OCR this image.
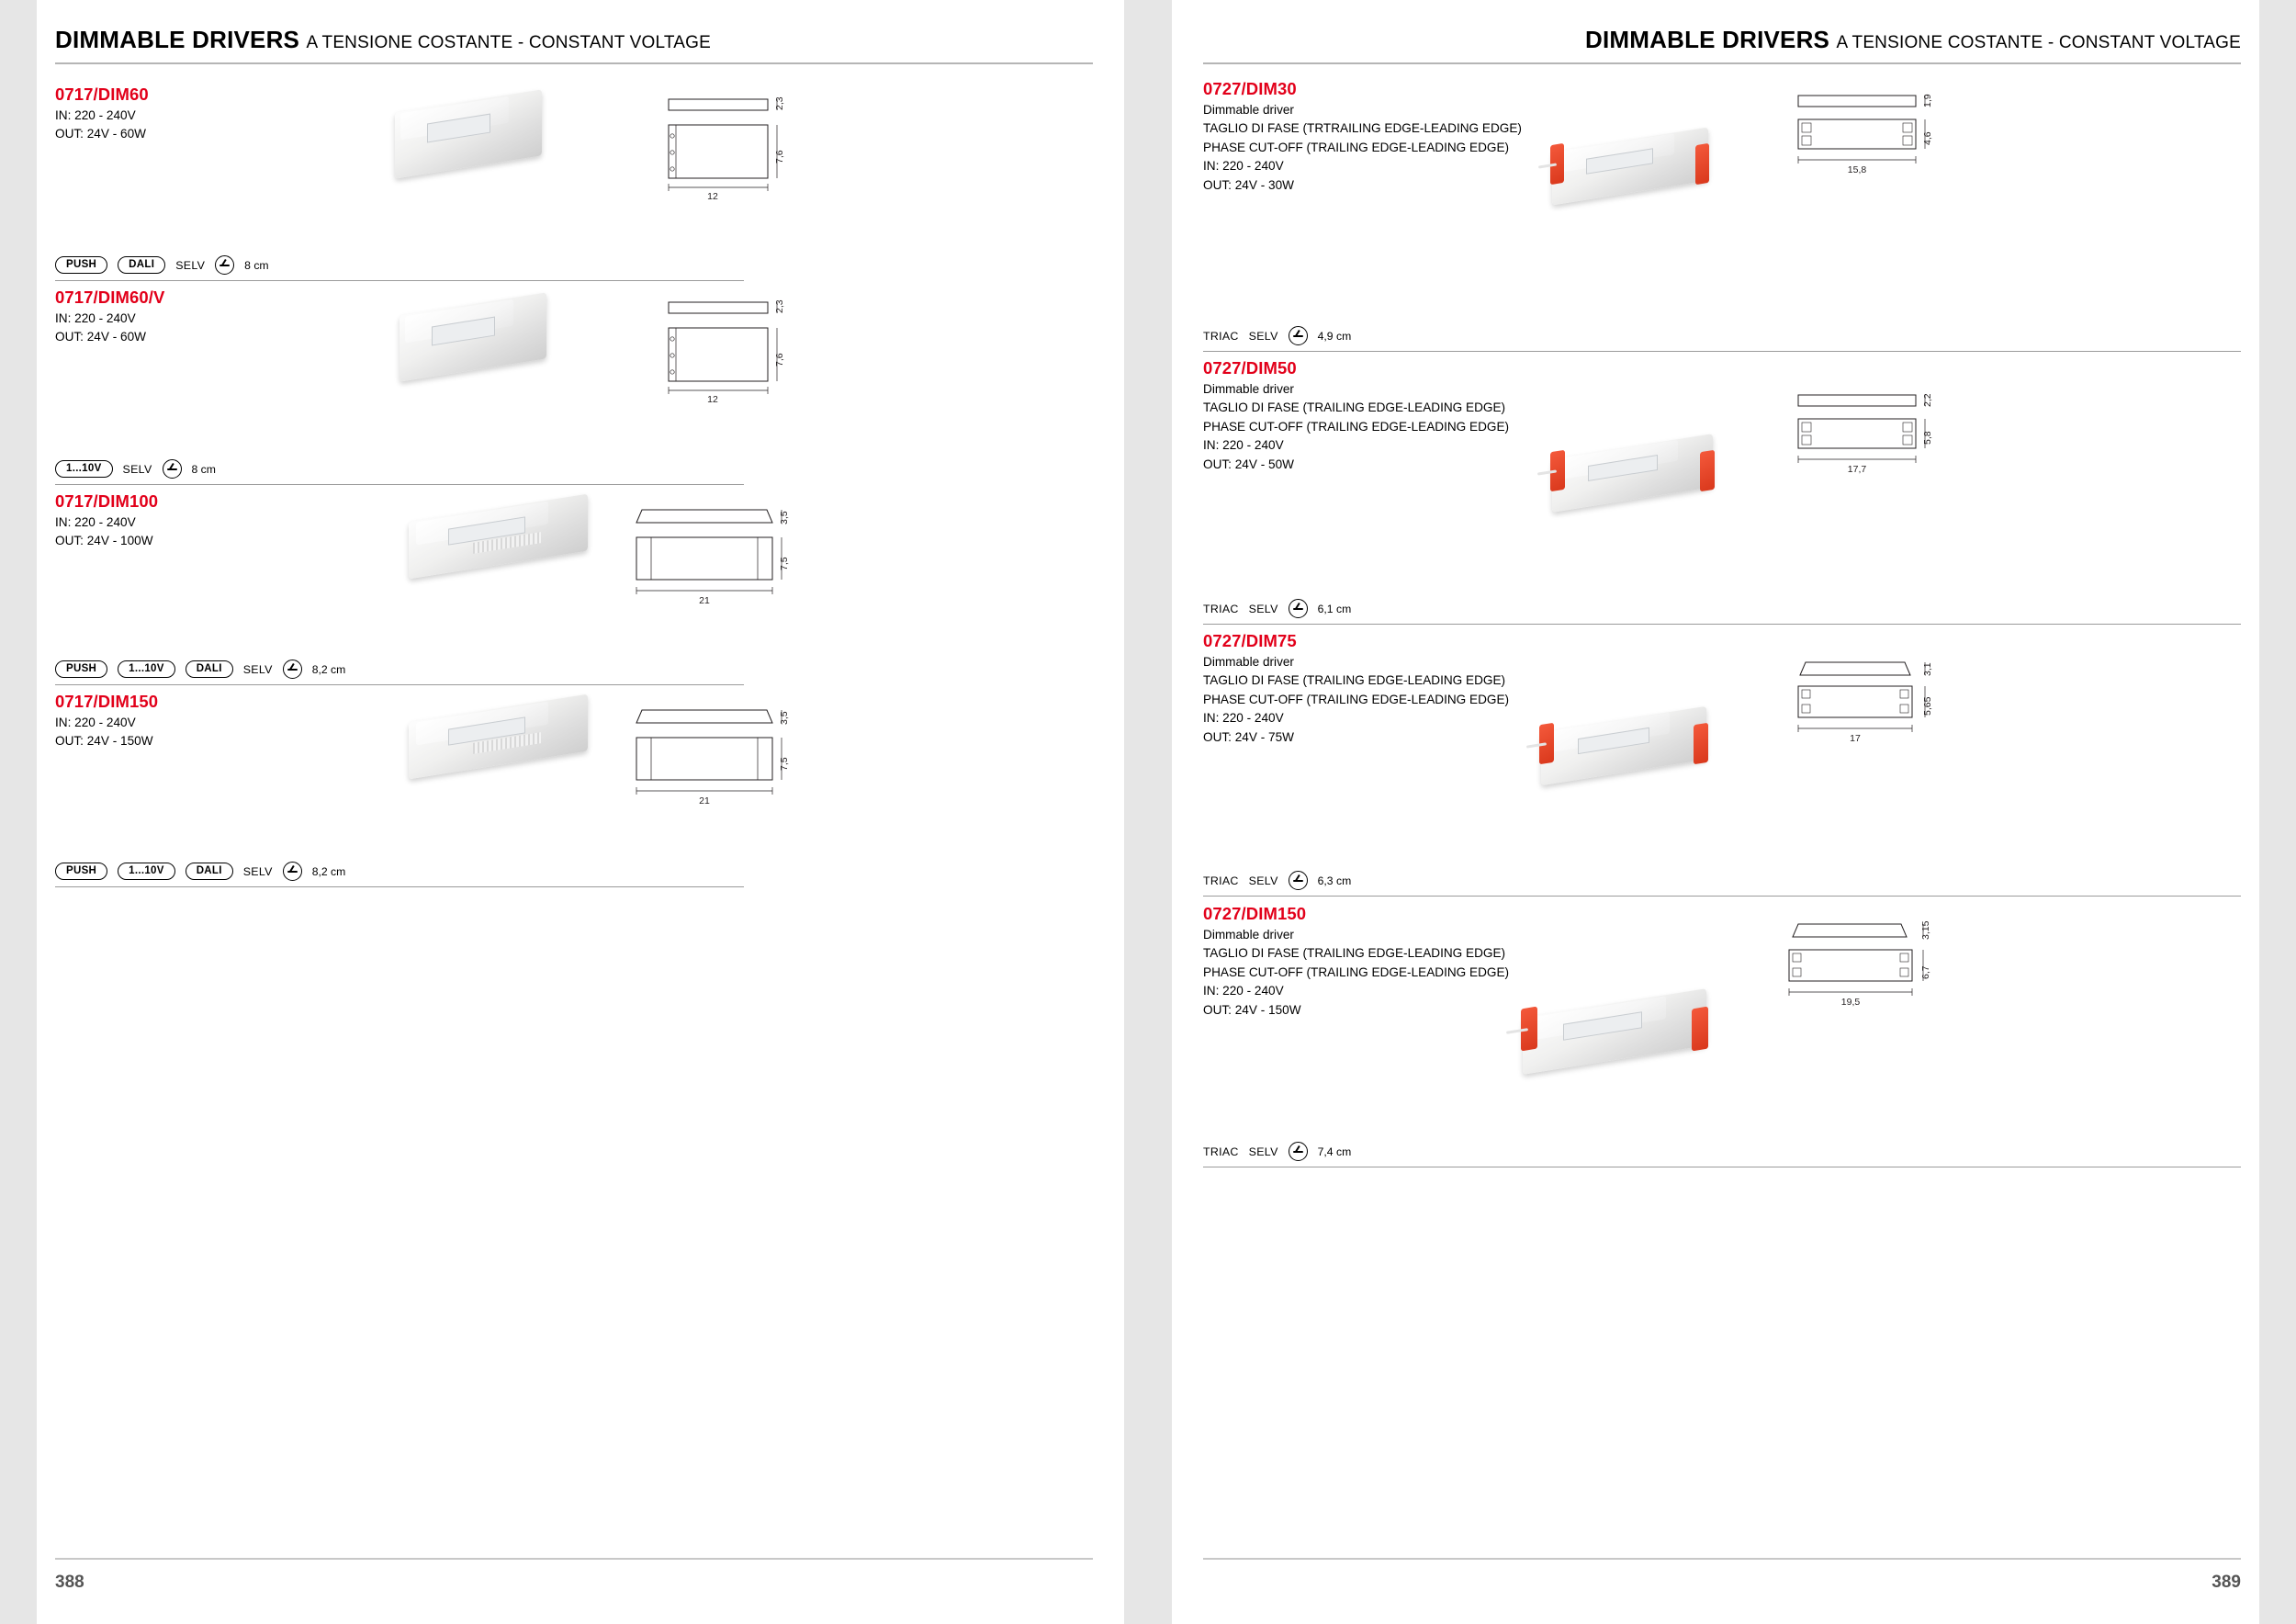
DIMMABLE DRIVERS A TENSIONE COSTANTE - CONSTANT VOLTAGE
0717/DIM60
IN: 220 - 240V
OUT: 24V - 60W
12
2,3
7,6
PUSH	DALI	SELV	8 cm
0717/DIM60/V
IN: 220 - 240V
OUT: 24V - 60W
12
2,3
7,6
1...10V	SELV	8 cm
0717/DIM100
IN: 220 - 240V
OUT: 24V - 100W
21
3,5
7,5
PUSH	1...10V	DALI	SELV	8,2 cm
0717/DIM150
IN: 220 - 240V
OUT: 24V - 150W
21
3,5
7,5
PUSH	1...10V	DALI	SELV	8,2 cm
388
DIMMABLE DRIVERS A TENSIONE COSTANTE - CONSTANT VOLTAGE
0727/DIM30
Dimmable driver
TAGLIO DI FASE (TRTRAILING EDGE-LEADING EDGE)
PHASE CUT-OFF (TRAILING EDGE-LEADING EDGE)
IN: 220 - 240V
OUT: 24V - 30W
15,8
1,9
4,6
TRIAC SELV	4,9 cm
0727/DIM50
Dimmable driver
TAGLIO DI FASE (TRAILING EDGE-LEADING EDGE)
PHASE CUT-OFF (TRAILING EDGE-LEADING EDGE)
IN: 220 - 240V
OUT: 24V - 50W	17,7
2,2
5,8
TRIAC SELV	6,1 cm
0727/DIM75
Dimmable driver
TAGLIO DI FASE (TRAILING EDGE-LEADING EDGE)
PHASE CUT-OFF (TRAILING EDGE-LEADING EDGE)
IN: 220 - 240V
OUT: 24V - 75W	17
3,1
5,65
TRIAC SELV	6,3 cm
0727/DIM150
Dimmable driver
TAGLIO DI FASE (TRAILING EDGE-LEADING EDGE)
PHASE CUT-OFF (TRAILING EDGE-LEADING EDGE)
IN: 220 - 240V
OUT: 24V - 150W
19,5
3,15
6,7
TRIAC SELV	7,4 cm
389
